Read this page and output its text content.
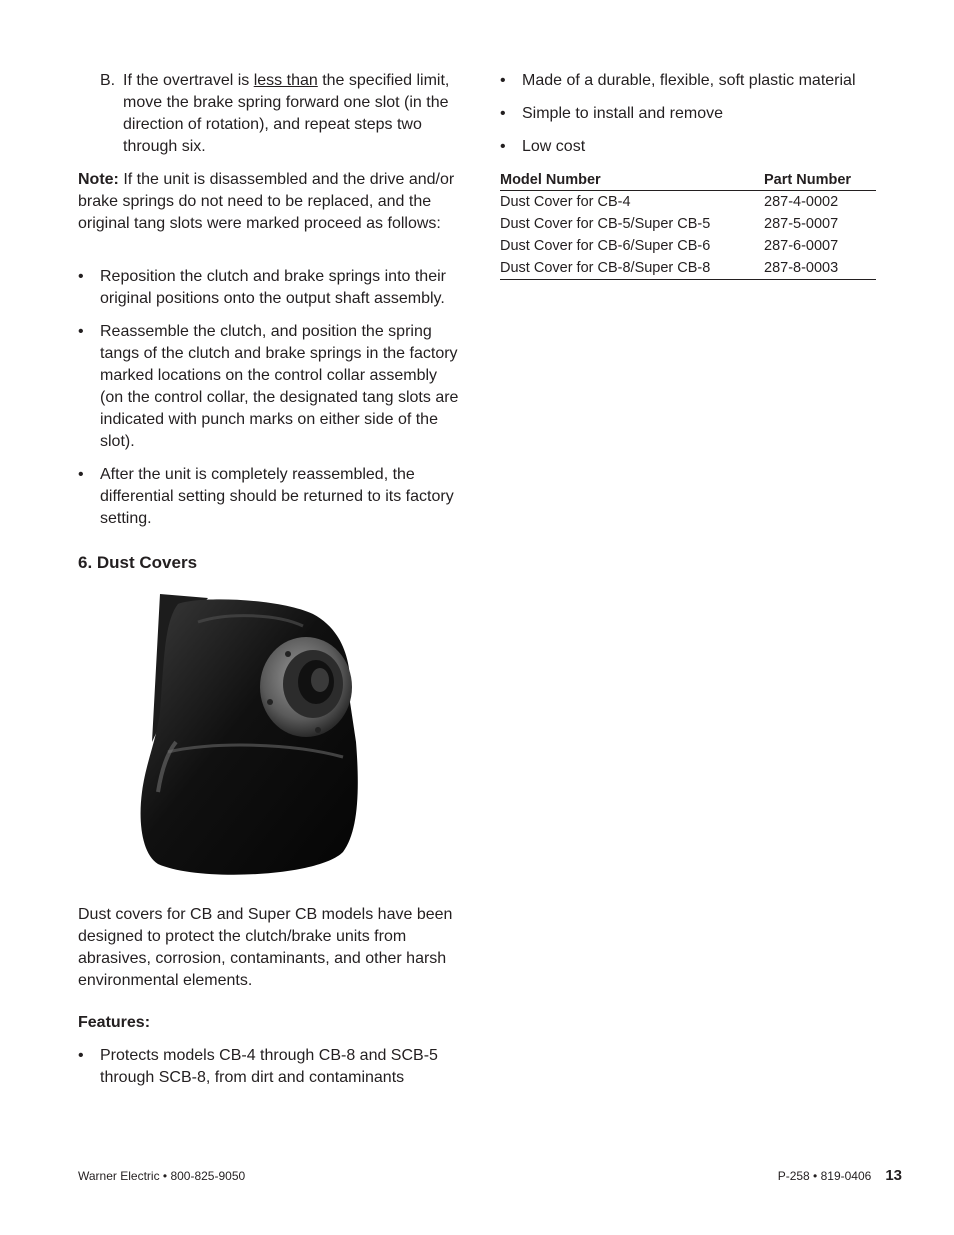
B. If the overtravel is less than the specified limit, move the brake spring forward one slot (in the direction of rotation), and repeat steps two through six.

Note: If the unit is disassembled and the drive and/or brake springs do not need to be replaced, and the original tang slots were marked proceed as follows:

•	Reposition the clutch and brake springs into their original positions onto the output shaft assembly.
•	Reassemble the clutch, and position the spring tangs of the clutch and brake springs in the factory marked locations on the control collar assembly (on the control collar, the designated tang slots are indicated with punch marks on either side of the slot).
•	After the unit is completely reassembled, the differential setting should be returned to its factory setting.
6. Dust Covers

Dust covers for CB and Super CB models have been designed to protect the clutch/brake units from abrasives, corrosion, contaminants, and other harsh environmental elements.

Features:
•	Protects models CB-4 through CB-8 and SCB-5 through SCB-8, from dirt and contaminants
•	Made of a durable, flexible, soft plastic material
•	Simple to install and remove
•	Low cost
Model Number	Part Number
Dust Cover for CB-4	287-4-0002
Dust Cover for CB-5/Super CB-5	287-5-0007
Dust Cover for CB-6/Super CB-6	287-6-0007
Dust Cover for CB-8/Super CB-8	287-8-0003
Warner Electric • 800-825-9050	P-258 • 819-0406 13
